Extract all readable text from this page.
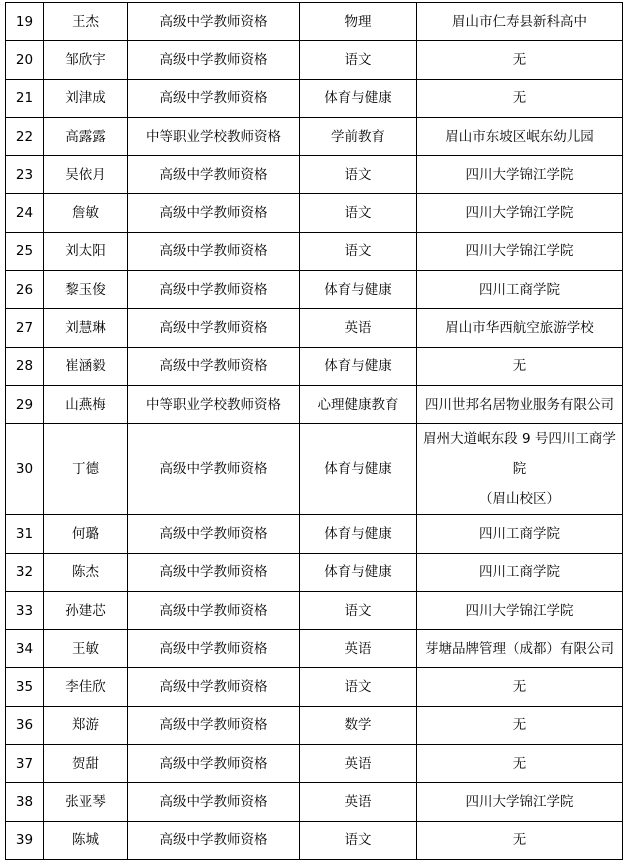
19	王杰	高级中学教师资格	物理	眉山市仁寿县新科高中
20	邹欣宇	高级中学教师资格	语文	无
21	刘津成	高级中学教师资格	体育与健康	无
22	高露露	中等职业学校教师资格	学前教育	眉山市东坡区岷东幼儿园
23	吴依月	高级中学教师资格	语文	四川大学锦江学院
24	詹敏	高级中学教师资格	语文	四川大学锦江学院
25	刘太阳	高级中学教师资格	语文	四川大学锦江学院
26	黎玉俊	高级中学教师资格	体育与健康	四川工商学院
27	刘慧琳	高级中学教师资格	英语	眉山市华西航空旅游学校
28	崔涵毅	高级中学教师资格	体育与健康	无
29	山燕梅	中等职业学校教师资格	心理健康教育	四川世邦名居物业服务有限公司
30	丁德	高级中学教师资格	体育与健康	眉州大道岷东段 9 号四川工商学院
（眉山校区）

31	何璐	高级中学教师资格	体育与健康	四川工商学院
32	陈杰	高级中学教师资格	体育与健康	四川工商学院
33	孙建芯	高级中学教师资格	语文	四川大学锦江学院
34	王敏	高级中学教师资格	英语	芽塘品牌管理（成都）有限公司
35	李佳欣	高级中学教师资格	语文	无
36	郑游	高级中学教师资格	数学	无
37	贺甜	高级中学教师资格	英语	无
38	张亚琴	高级中学教师资格	英语	四川大学锦江学院
39	陈城	高级中学教师资格	语文	无
